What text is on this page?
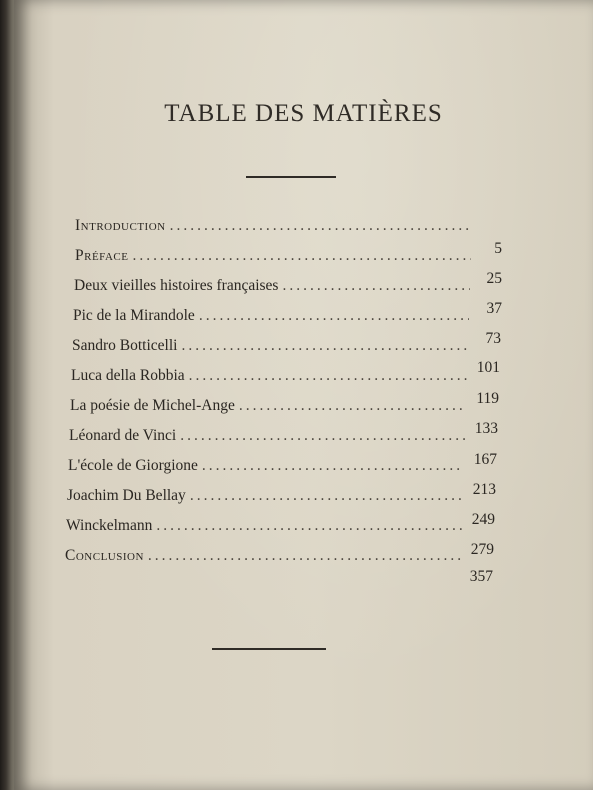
TABLE DES MATIÈRES
Introduction
.....
Préface
.....
Deux vieilles histoires françaises
.....
Pic de la Mirandole
.....
Sandro Botticelli
.....
Luca della Robbia
.....
La poésie de Michel-Ange
.....
Léonard de Vinci
.....
L'école de Giorgione
.....
Joachim Du Bellay
.....
Winckelmann
.....
Conclusion
.....
5
25
37
73
101
119
133
167
213
249
279
357
